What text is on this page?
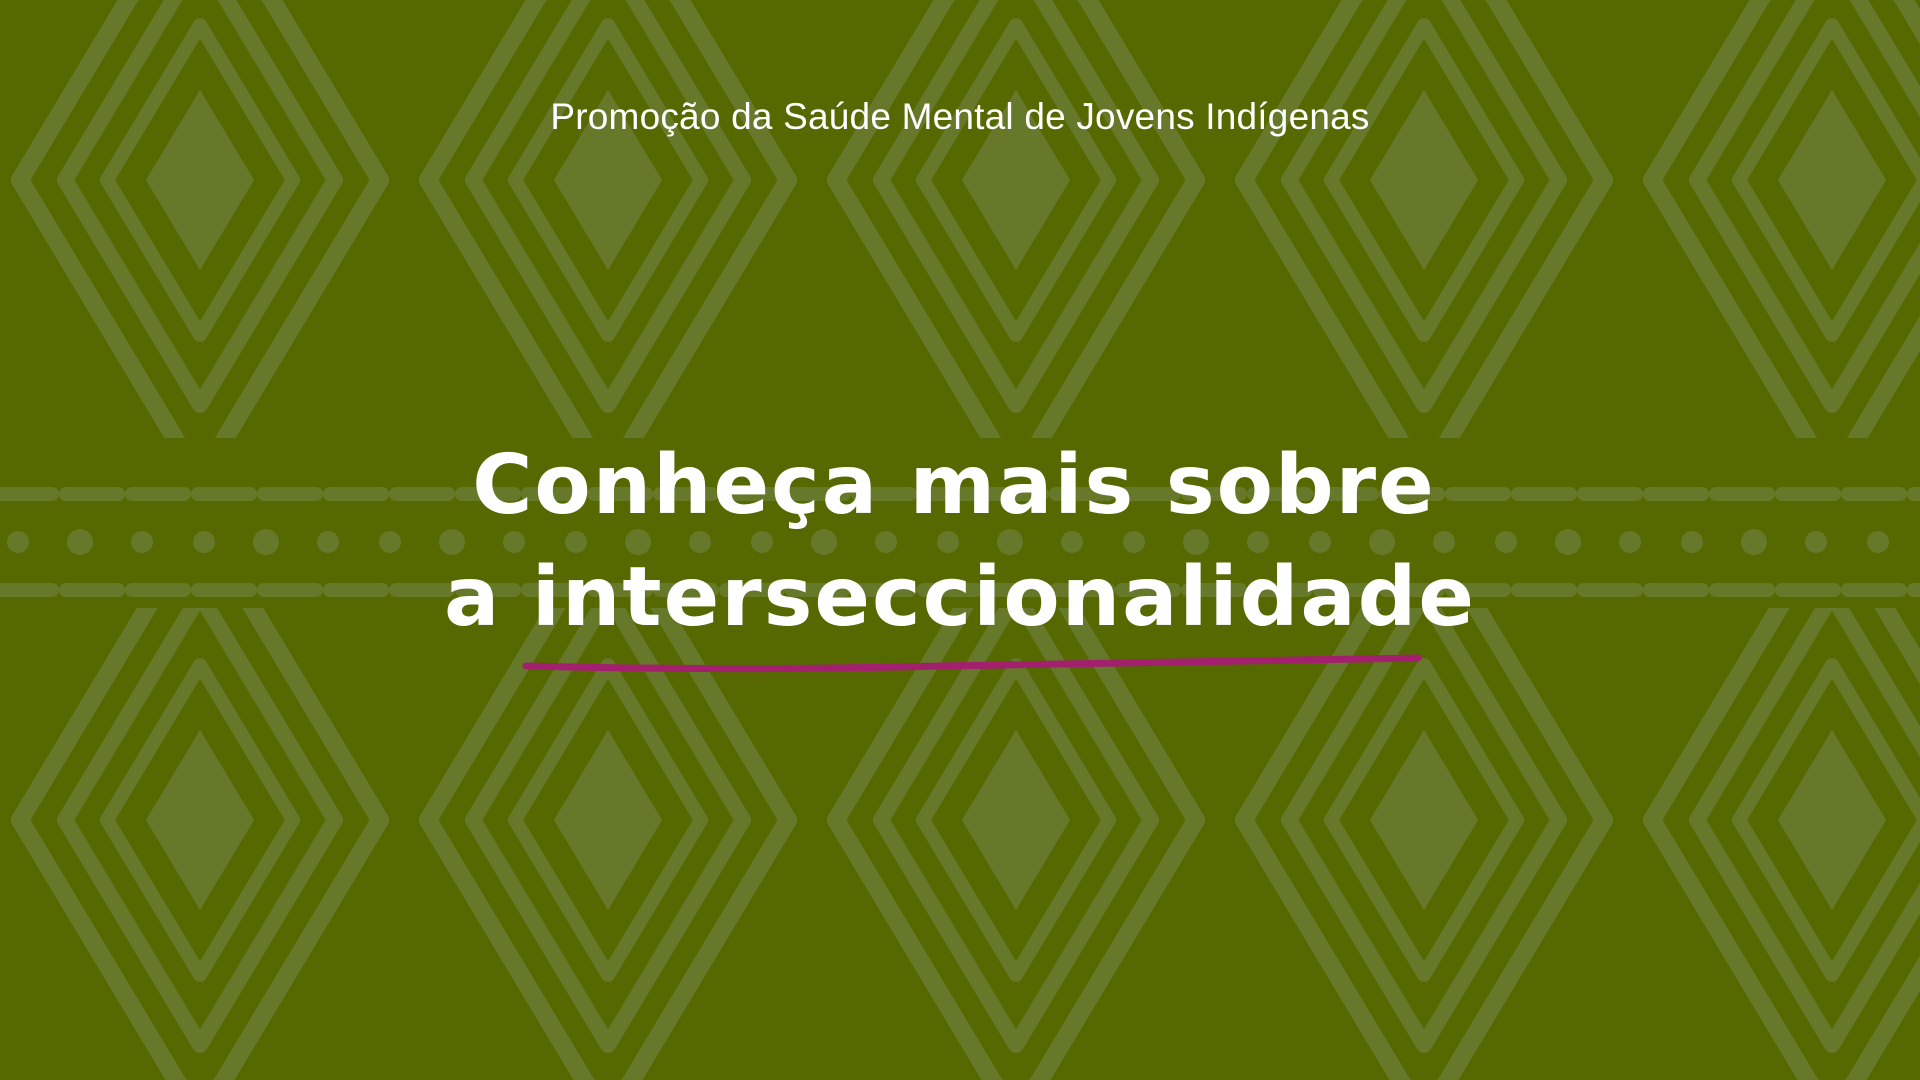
Promoção da Saúde Mental de Jovens Indígenas
Conheça mais sobre
a interseccionalidade
